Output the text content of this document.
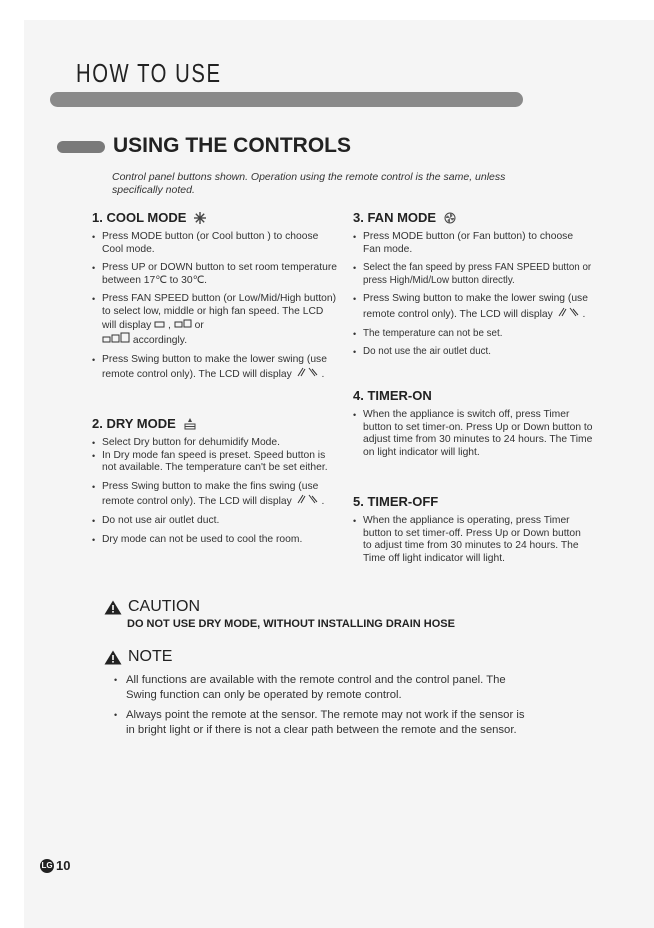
HOW TO USE
USING THE CONTROLS
Control panel buttons shown. Operation using the remote control is the same, unless specifically noted.
1. COOL MODE
• Press MODE button (or Cool button ) to choose Cool mode.
• Press UP or DOWN button to set room temperature between 17℃ to 30℃.
• Press FAN SPEED button (or Low/Mid/High button) to select low, middle or high fan speed. The LCD will display , or
accordingly.
• Press Swing button to make the lower swing (use remote control only). The LCD will display	.
2. DRY MODE
• Select Dry button for dehumidify Mode.
• In Dry mode fan speed is preset. Speed button is not available. The temperature can't be set either.
• Press Swing button to make the fins swing (use remote control only). The LCD will display	.
• Do not use air outlet duct.
• Dry mode can not be used to cool the room.
3. FAN MODE
• Press MODE button (or Fan button) to choose Fan mode.
• Select the fan speed by press FAN SPEED button or press High/Mid/Low button directly.
• Press Swing button to make the lower swing (use remote control only). The LCD will display	.
• The temperature can not be set.
• Do not use the air outlet duct.
4. TIMER-ON
• When the appliance is switch off, press Timer button to set timer-on. Press Up or Down button to adjust time from 30 minutes to 24 hours. The Time on light indicator will light.
5. TIMER-OFF
• When the appliance is operating, press Timer button to set timer-off. Press Up or Down button to adjust time from 30 minutes to 24 hours. The Time off light indicator will light.
CAUTION
DO NOT USE DRY MODE, WITHOUT INSTALLING DRAIN HOSE
NOTE
• All functions are available with the remote control and the control panel. The Swing function can only be operated by remote control.
• Always point the remote at the sensor. The remote may not work if the sensor is in bright light or if there is not a clear path between the remote and the sensor.
LG 10
